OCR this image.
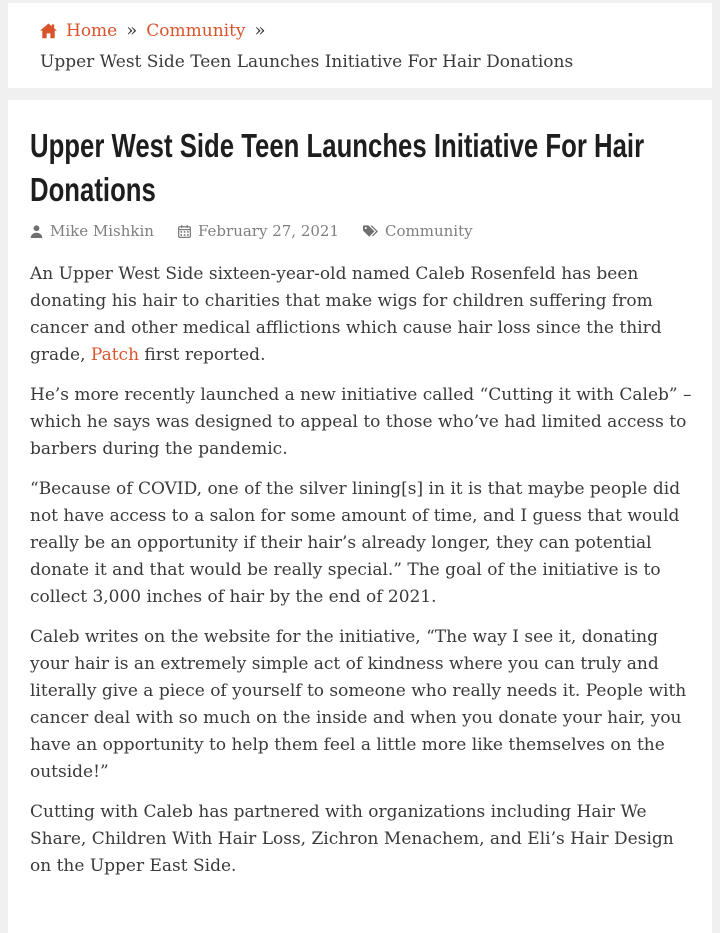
Home » Community »
Upper West Side Teen Launches Initiative For Hair Donations
Upper West Side Teen Launches Initiative For Hair Donations
Mike Mishkin	February 27, 2021	Community

An Upper West Side sixteen-year-old named Caleb Rosenfeld has been donating his hair to charities that make wigs for children suffering from cancer and other medical afflictions which cause hair loss since the third grade, Patch first reported.

He’s more recently launched a new initiative called “Cutting it with Caleb” – which he says was designed to appeal to those who’ve had limited access to barbers during the pandemic.

“Because of COVID, one of the silver lining[s] in it is that maybe people did not have access to a salon for some amount of time, and I guess that would really be an opportunity if their hair’s already longer, they can potential donate it and that would be really special.” The goal of the initiative is to collect 3,000 inches of hair by the end of 2021.

Caleb writes on the website for the initiative, “The way I see it, donating your hair is an extremely simple act of kindness where you can truly and literally give a piece of yourself to someone who really needs it. People with cancer deal with so much on the inside and when you donate your hair, you have an opportunity to help them feel a little more like themselves on the outside!”

Cutting with Caleb has partnered with organizations including Hair We Share, Children With Hair Loss, Zichron Menachem, and Eli’s Hair Design on the Upper East Side.
